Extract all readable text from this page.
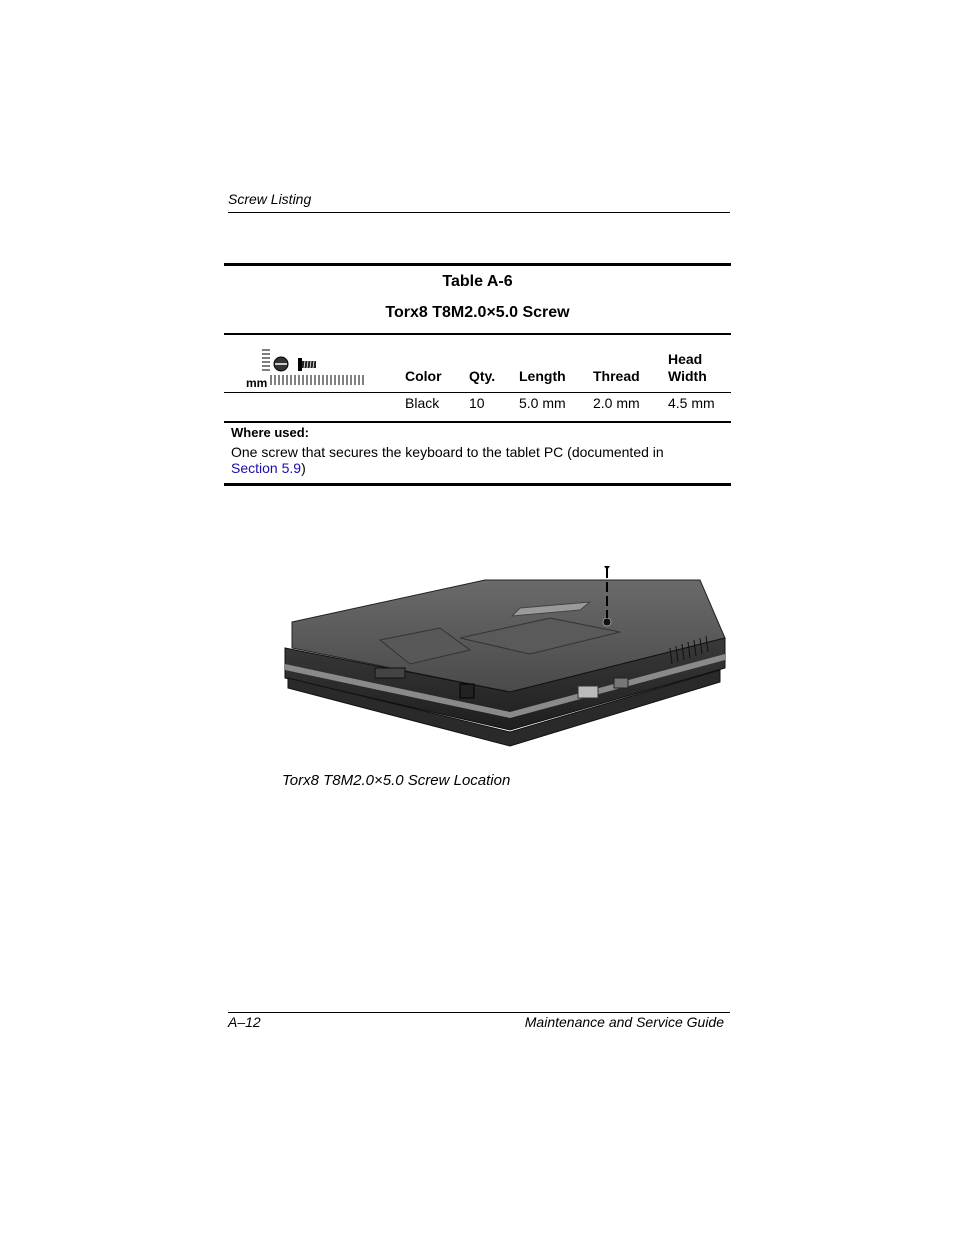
Screw Listing
Table A-6
Torx8 T8M2.0×5.0 Screw
mm	Color Qty. Length Thread
Head Width
Black 10 5.0 mm 2.0 mm 4.5 mm
Where used:
One screw that secures the keyboard to the tablet PC (documented in Section 5.9)
Torx8 T8M2.0×5.0 Screw Location
A–12	Maintenance and Service Guide
